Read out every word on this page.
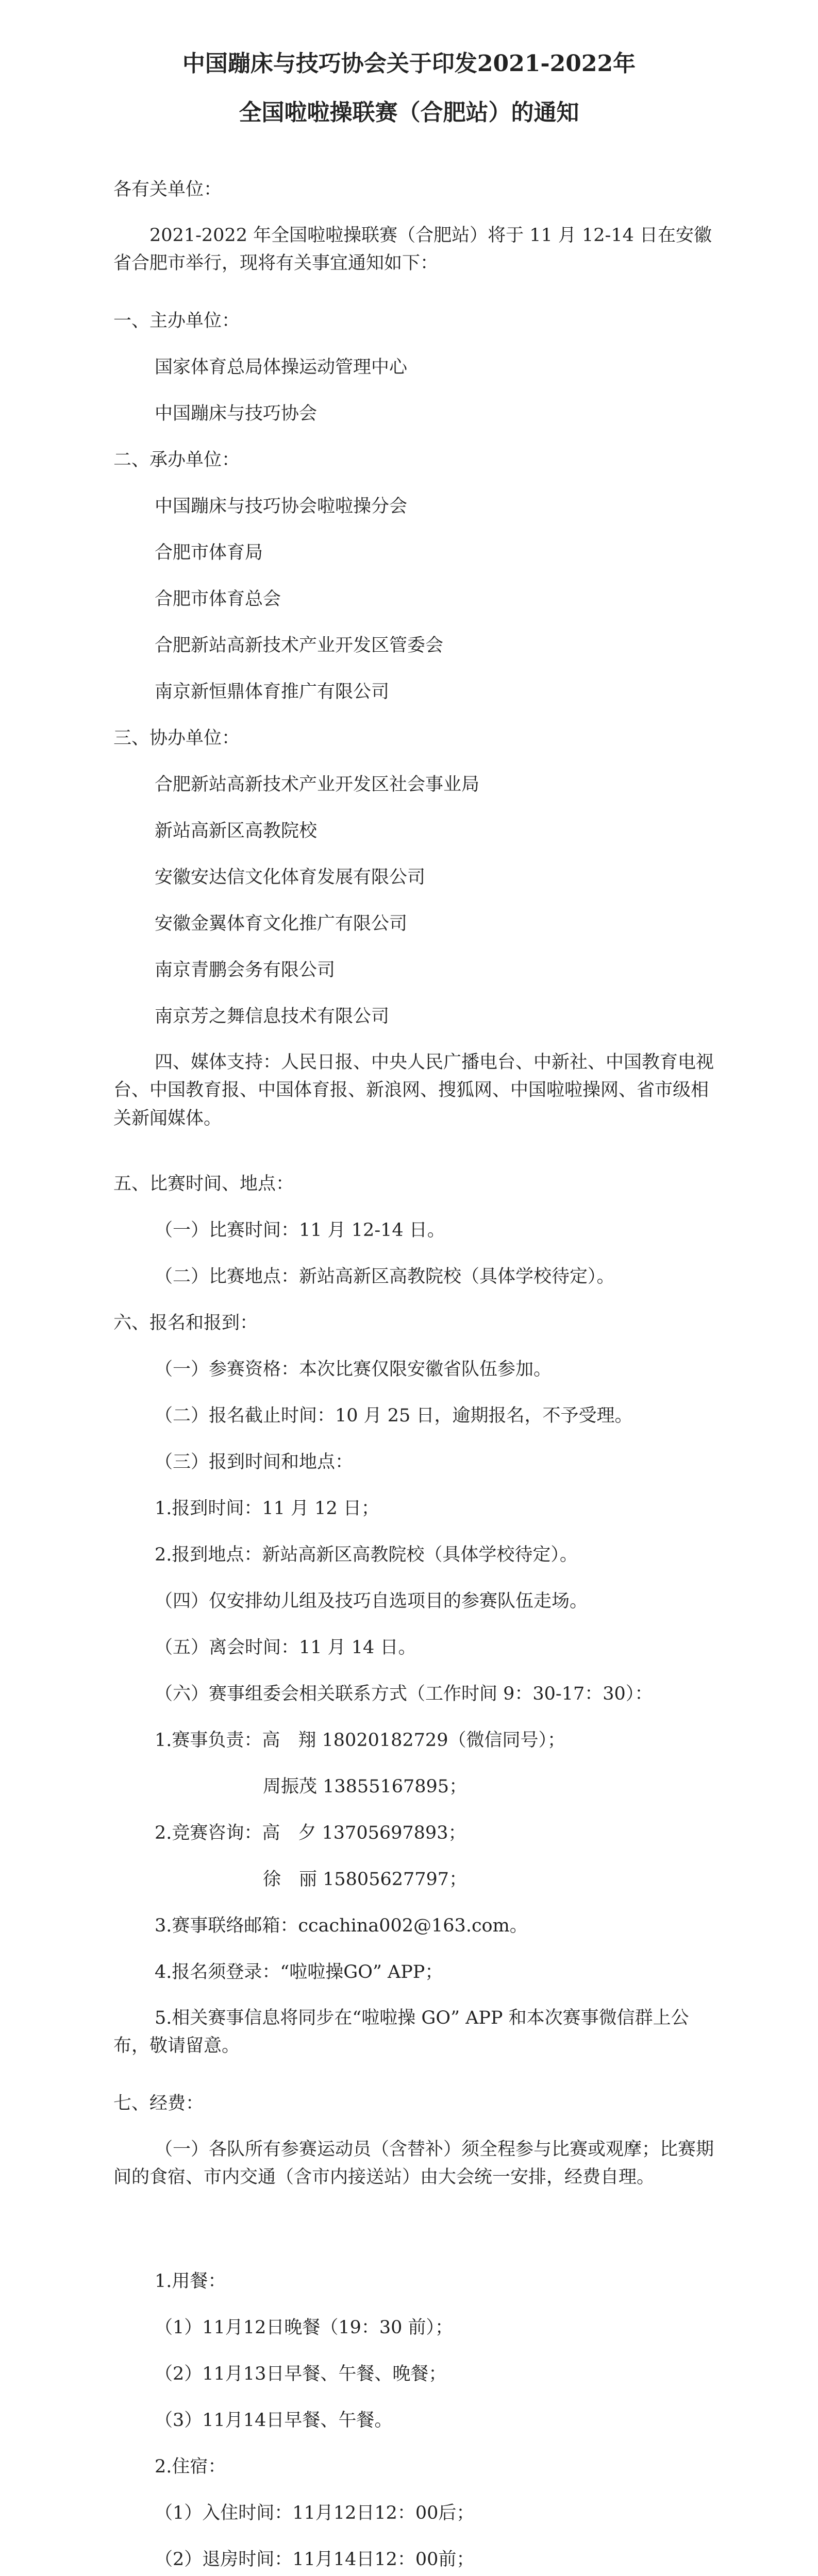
中国蹦床与技巧协会关于印发2021-2022年
全国啦啦操联赛（合肥站）的通知
各有关单位：
2021-2022 年全国啦啦操联赛（合肥站）将于 11 月 12-14 日在安徽省合肥市举行，现将有关事宜通知如下：
一、主办单位：
国家体育总局体操运动管理中心
中国蹦床与技巧协会
二、承办单位：
中国蹦床与技巧协会啦啦操分会
合肥市体育局
合肥市体育总会
合肥新站高新技术产业开发区管委会
南京新恒鼎体育推广有限公司
三、协办单位：
合肥新站高新技术产业开发区社会事业局
新站高新区高教院校
安徽安达信文化体育发展有限公司
安徽金翼体育文化推广有限公司
南京青鹏会务有限公司
南京芳之舞信息技术有限公司
四、媒体支持：人民日报、中央人民广播电台、中新社、中国教育电视台、中国教育报、中国体育报、新浪网、搜狐网、中国啦啦操网、省市级相关新闻媒体。
五、比赛时间、地点：
（一）比赛时间：11 月 12-14 日。
（二）比赛地点：新站高新区高教院校（具体学校待定）。
六、报名和报到：
（一）参赛资格：本次比赛仅限安徽省队伍参加。
（二）报名截止时间：10 月 25 日，逾期报名，不予受理。
（三）报到时间和地点：
1.报到时间：11 月 12 日；
2.报到地点：新站高新区高教院校（具体学校待定）。
（四）仅安排幼儿组及技巧自选项目的参赛队伍走场。
（五）离会时间：11 月 14 日。
（六）赛事组委会相关联系方式（工作时间 9：30-17：30）：
1.赛事负责：高　翔 18020182729（微信同号）；
　　　　　　周振茂 13855167895；
2.竞赛咨询：高　夕 13705697893；
　　　　　　徐　丽 15805627797；
3.赛事联络邮箱：ccachina002@163.com。
4.报名须登录：“啦啦操GO” APP；
5.相关赛事信息将同步在“啦啦操 GO” APP 和本次赛事微信群上公布，敬请留意。
七、经费：
（一）各队所有参赛运动员（含替补）须全程参与比赛或观摩；比赛期间的食宿、市内交通（含市内接送站）由大会统一安排，经费自理。
1.用餐：
（1）11月12日晚餐（19：30 前）；
（2）11月13日早餐、午餐、晚餐；
（3）11月14日早餐、午餐。
2.住宿：
（1）入住时间：11月12日12：00后；
（2）退房时间：11月14日12：00前；
